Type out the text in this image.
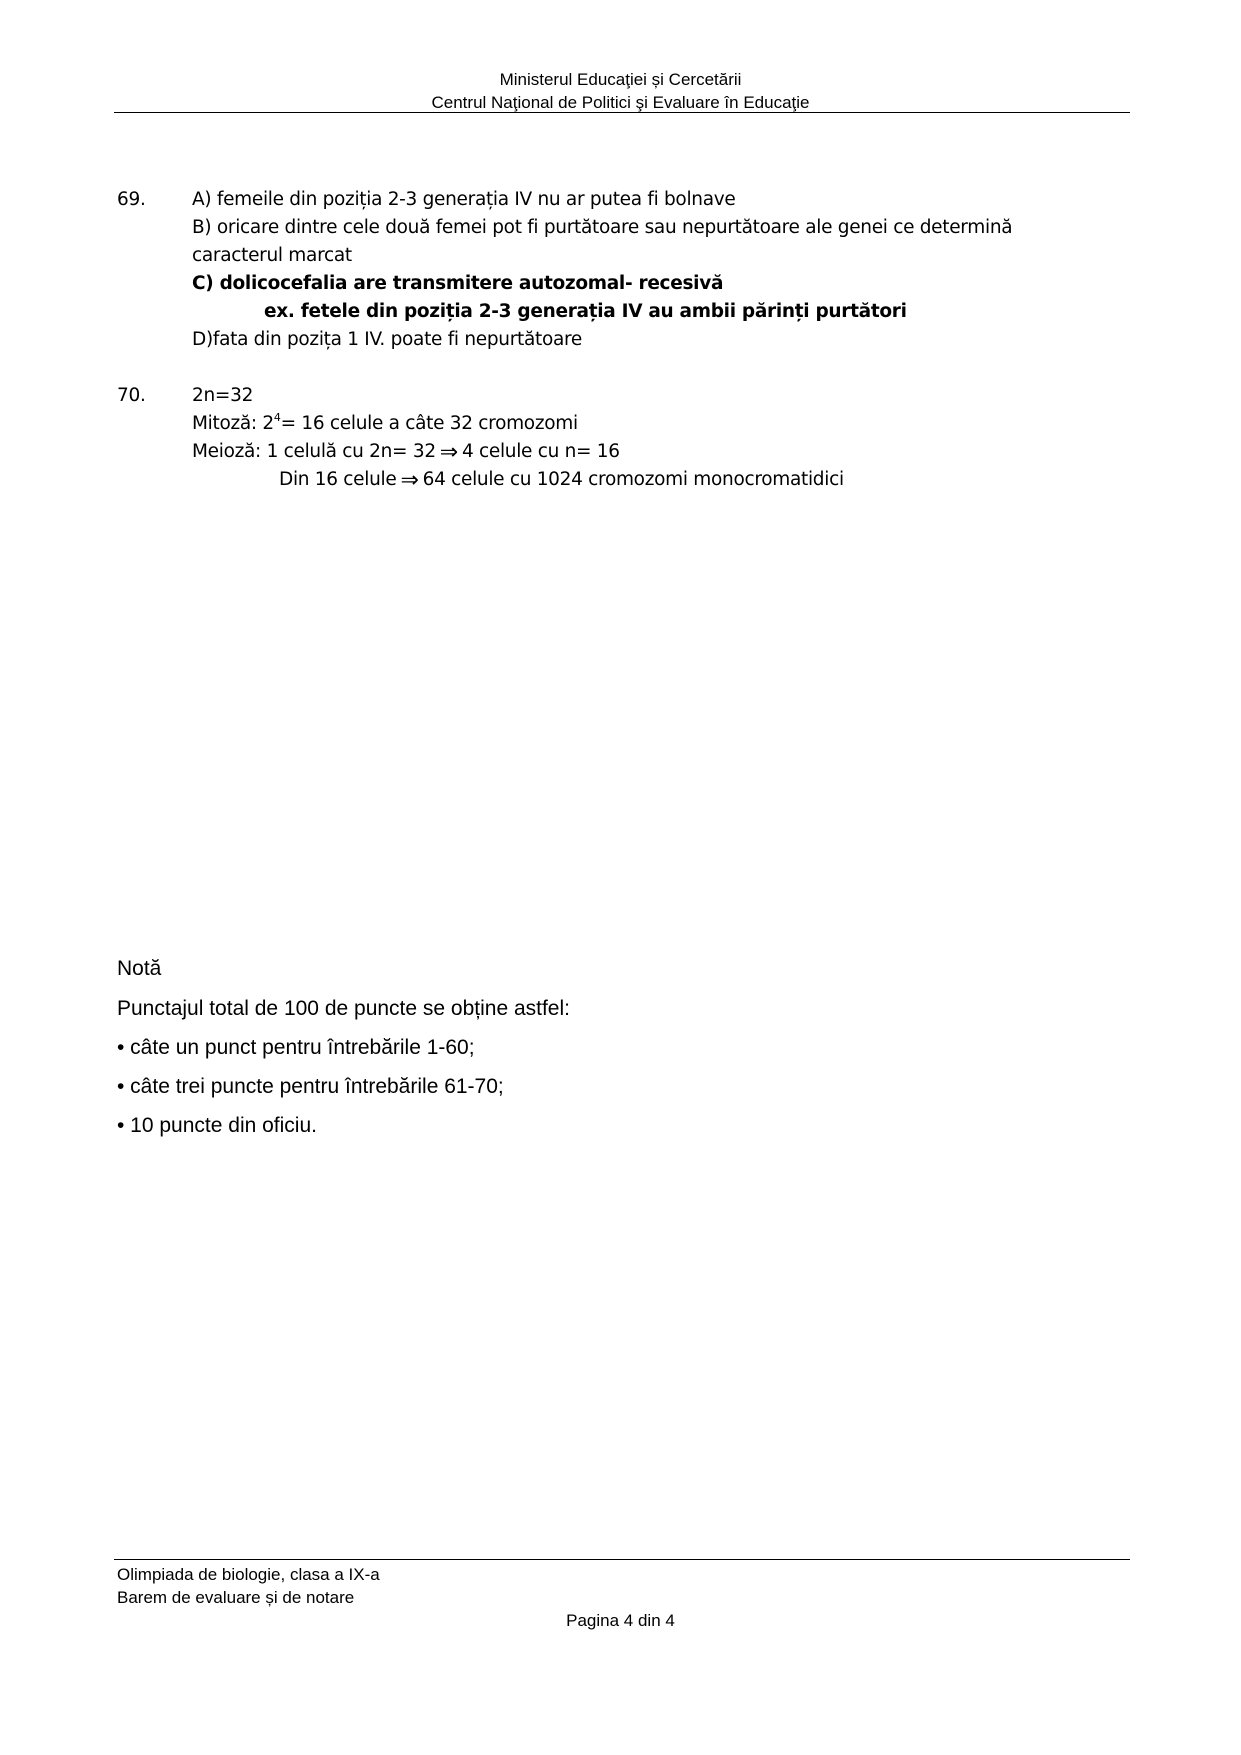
Ministerul Educaţiei și Cercetării
Centrul Naţional de Politici şi Evaluare în Educaţie
69.	A) femeile din poziția 2-3 generația IV nu ar putea fi bolnave
B) oricare dintre cele două femei pot fi purtătoare sau nepurtătoare ale genei ce determină
caracterul marcat
C) dolicocefalia are transmitere autozomal- recesivă
ex. fetele din poziția 2-3 generația IV au ambii părinți purtători
D)fata din pozița 1 IV. poate fi nepurtătoare
70.	2n=32
Mitoză: $2^4= 16$ celule a câte 32 cromozomi
Meioză: 1 celulă cu 2n= 32 ⇒ 4 celule cu n= 16
Din 16 celule ⇒ 64 celule cu 1024 cromozomi monocromatidici
Notă
Punctajul total de 100 de puncte se obține astfel:
• câte un punct pentru întrebările 1-60;
• câte trei puncte pentru întrebările 61-70;
• 10 puncte din oficiu.
Olimpiada de biologie, clasa a IX-a
Barem de evaluare și de notare
Pagina 4 din 4
